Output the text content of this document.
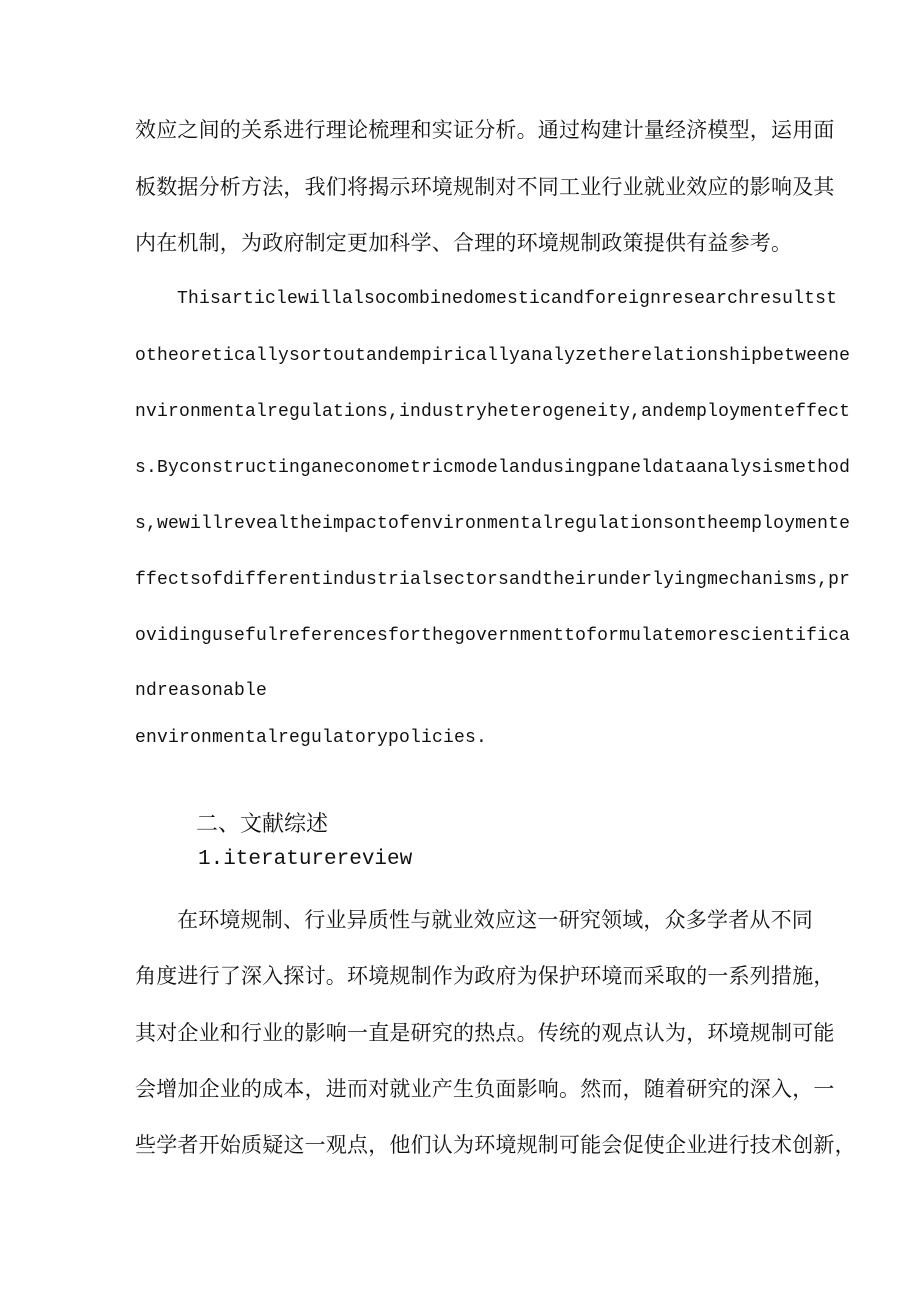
效应之间的关系进行理论梳理和实证分析。通过构建计量经济模型，运用面
板数据分析方法，我们将揭示环境规制对不同工业行业就业效应的影响及其
内在机制，为政府制定更加科学、合理的环境规制政策提供有益参考。
Thisarticlewillalsocombinedomesticandforeignresearchresultst
otheoreticallysortoutandempiricallyanalyzetherelationshipbetweene
nvironmentalregulations,industryheterogeneity,andemploymenteffect
s.Byconstructinganeconometricmodelandusingpaneldataanalysismethod
s,wewillrevealtheimpactofenvironmentalregulationsontheemploymente
ffectsofdifferentindustrialsectorsandtheirunderlyingmechanisms,pr
ovidingusefulreferencesforthegovernmenttoformulatemorescientifica
ndreasonable
environmentalregulatorypolicies.
二、文献综述
1.iteraturereview
在环境规制、行业异质性与就业效应这一研究领域，众多学者从不同
角度进行了深入探讨。环境规制作为政府为保护环境而采取的一系列措施，
其对企业和行业的影响一直是研究的热点。传统的观点认为，环境规制可能
会增加企业的成本，进而对就业产生负面影响。然而，随着研究的深入，一
些学者开始质疑这一观点，他们认为环境规制可能会促使企业进行技术创新，
